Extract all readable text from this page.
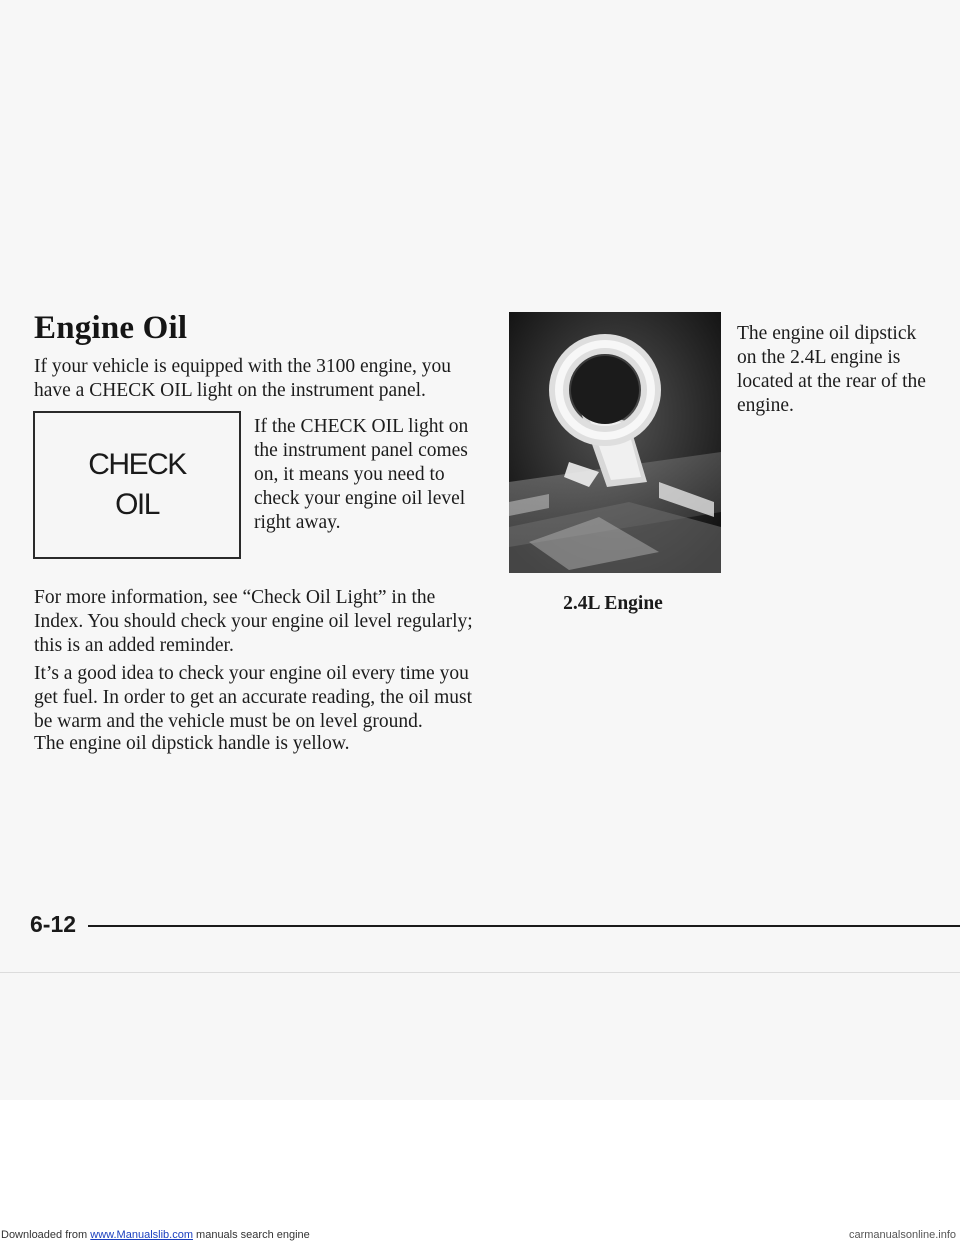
Engine Oil

If your vehicle is equipped with the 3100 engine, you have a CHECK OIL light on the instrument panel.

CHECK
OIL

If the CHECK OIL light on the instrument panel comes on, it means you need to check your engine oil level right away.

For more information, see “Check Oil Light” in the Index. You should check your engine oil level regularly; this is an added reminder.

It’s a good idea to check your engine oil every time you get fuel. In order to get an accurate reading, the oil must be warm and the vehicle must be on level ground.

The engine oil dipstick handle is yellow.

2.4L Engine

The engine oil dipstick on the 2.4L engine is located at the rear of the engine.

6-12
Downloaded from www.Manualslib.com manuals search engine	carmanualsonline.info
